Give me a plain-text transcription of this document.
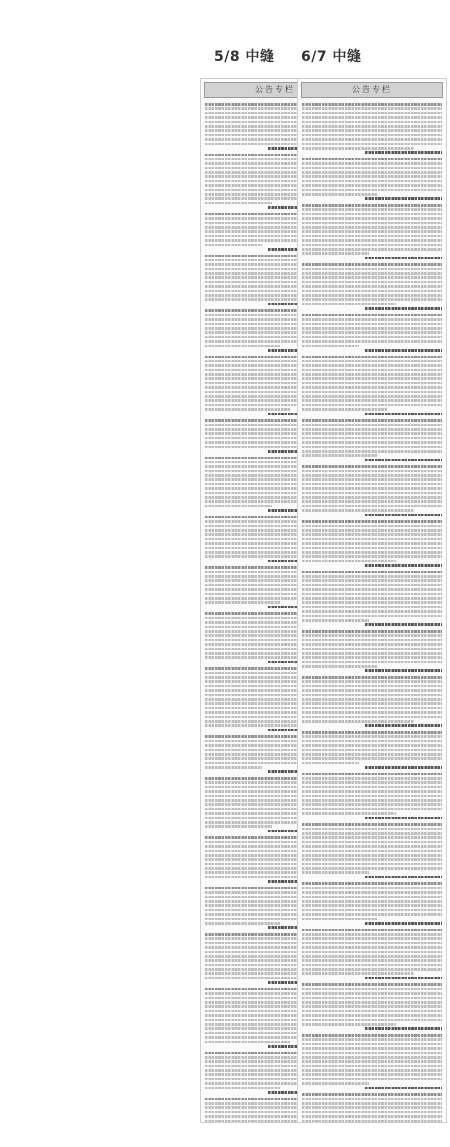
5/8 中缝 6/7 中缝
公告专栏	公告专栏
